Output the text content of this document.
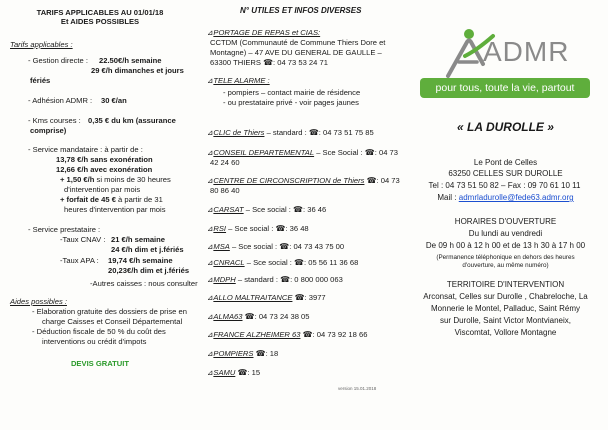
TARIFS APPLICABLES AU 01/01/18
Et AIDES POSSIBLES
Tarifs applicables :
- Gestion directe : 22.50€/h semaine
29 €/h dimanches et jours
fériés
- Adhésion ADMR : 30 €/an
- Kms courses : 0,35 € du km (assurance
comprise)
- Service mandataire : à partir de :
13,78 €/h sans exonération
12,66 €/h avec exonération
+ 1,50 €/h si moins de 30 heures
d'intervention par mois
+ forfait de 45 € à partir de 31
heures d'intervention par mois
- Service prestataire :
-Taux CNAV : 21 €/h semaine
24 €/h dim et j.fériés
-Taux APA : 19,74 €/h semaine
20,23€/h dim et j.fériés
-Autres caisses : nous consulter
Aides possibles :
- Elaboration gratuite des dossiers de prise en
charge Caisses et Conseil Départemental
- Déduction fiscale de 50 % du coût des
interventions ou crédit d'impots
DEVIS GRATUIT
N° UTILES ET INFOS DIVERSES
⊿PORTAGE DE REPAS et CIAS:
CCTDM (Communauté de Commune Thiers Dore et
Montagne) – 47 AVE DU GENERAL DE GAULLE –
63300 THIERS ☎: 04 73 53 24 71
⊿TELE ALARME :
- pompiers – contact mairie de résidence
- ou prestataire privé - voir pages jaunes
⊿CLIC de Thiers – standard : ☎: 04 73 51 75 85
⊿CONSEIL DEPARTEMENTAL – Sce Social : ☎: 04 73
42 24 60
⊿CENTRE DE CIRCONSCRIPTION de Thiers ☎: 04 73
80 86 40
⊿CARSAT – Sce social : ☎: 36 46
⊿RSI – Sce social : ☎: 36 48
⊿MSA – Sce social : ☎: 04 73 43 75 00
⊿CNRACL – Sce social : ☎: 05 56 11 36 68
⊿MDPH – standard : ☎: 0 800 000 063
⊿ALLO MALTRAITANCE ☎: 3977
⊿ALMA63 ☎: 04 73 24 38 05
⊿FRANCE ALZHEIMER 63 ☎: 04 73 92 18 66
⊿POMPIERS ☎: 18
⊿SAMU ☎: 15
version 15.01.2018
ADMR
pour tous, toute la vie, partout
« LA DUROLLE »
Le Pont de Celles
63250 CELLES SUR DUROLLE
Tel : 04 73 51 50 82 – Fax : 09 70 61 10 11
Mail : admrladurolle@fede63.admr.org
HORAIRES D'OUVERTURE
Du lundi au vendredi
De 09 h 00 à 12 h 00 et de 13 h 30 à 17 h 00
(Permanence téléphonique en dehors des heures
d'ouverture, au même numéro)
TERRITOIRE D'INTERVENTION
Arconsat, Celles sur Durolle , Chabreloche, La
Monnerie le Montel, Palladuc, Saint Rémy
sur Durolle, Saint Victor Montvianeix,
Viscomtat, Vollore Montagne
